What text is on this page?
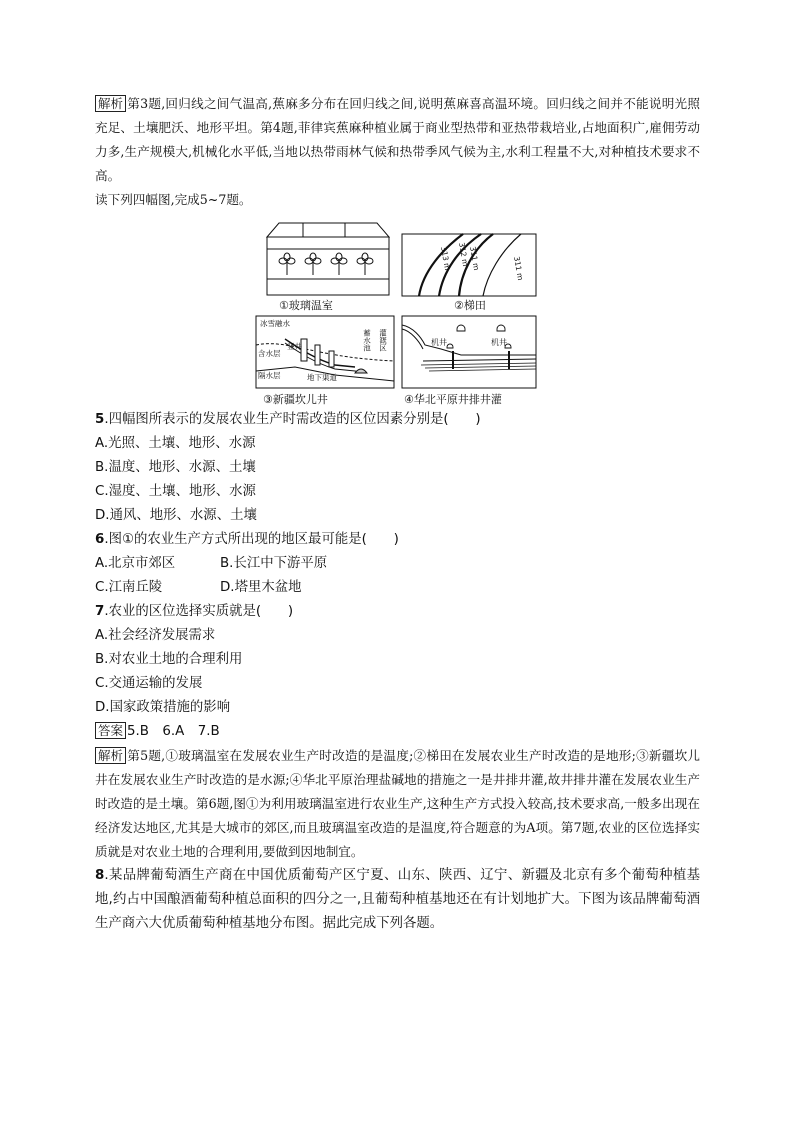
解析 第3题,回归线之间气温高,蕉麻多分布在回归线之间,说明蕉麻喜高温环境。回归线之间并不能说明光照充足、土壤肥沃、地形平坦。第4题,菲律宾蕉麻种植业属于商业型热带和亚热带栽培业,占地面积广,雇佣劳动力多,生产规模大,机械化水平低,当地以热带雨林气候和热带季风气候为主,水利工程量不大,对种植技术要求不高。

读下列四幅图,完成5~7题。

①玻璃温室
313 m 312 m
311 m	311 m
②梯田
冰雪融水
含水层
竖井
隔水层	地下渠道
蓄水池 灌溉区
③新疆坎儿井
机井	机井
④华北平原井排井灌

5.四幅图所表示的发展农业生产时需改造的区位因素分别是(　　)

A.光照、土壤、地形、水源

B.温度、地形、水源、土壤

C.湿度、土壤、地形、水源

D.通风、地形、水源、土壤

6.图①的农业生产方式所出现的地区最可能是(　　)

A.北京市郊区	B.长江中下游平原
C.江南丘陵	D.塔里木盆地

7.农业的区位选择实质就是(　　)

A.社会经济发展需求

B.对农业土地的合理利用

C.交通运输的发展

D.国家政策措施的影响

答案 5.B　6.A　7.B

解析 第5题,①玻璃温室在发展农业生产时改造的是温度;②梯田在发展农业生产时改造的是地形;③新疆坎儿井在发展农业生产时改造的是水源;④华北平原治理盐碱地的措施之一是井排井灌,故井排井灌在发展农业生产时改造的是土壤。第6题,图①为利用玻璃温室进行农业生产,这种生产方式投入较高,技术要求高,一般多出现在经济发达地区,尤其是大城市的郊区,而且玻璃温室改造的是温度,符合题意的为A项。第7题,农业的区位选择实质就是对农业土地的合理利用,要做到因地制宜。

8.某品牌葡萄酒生产商在中国优质葡萄产区宁夏、山东、陕西、辽宁、新疆及北京有多个葡萄种植基地,约占中国酿酒葡萄种植总面积的四分之一,且葡萄种植基地还在有计划地扩大。下图为该品牌葡萄酒生产商六大优质葡萄种植基地分布图。据此完成下列各题。
